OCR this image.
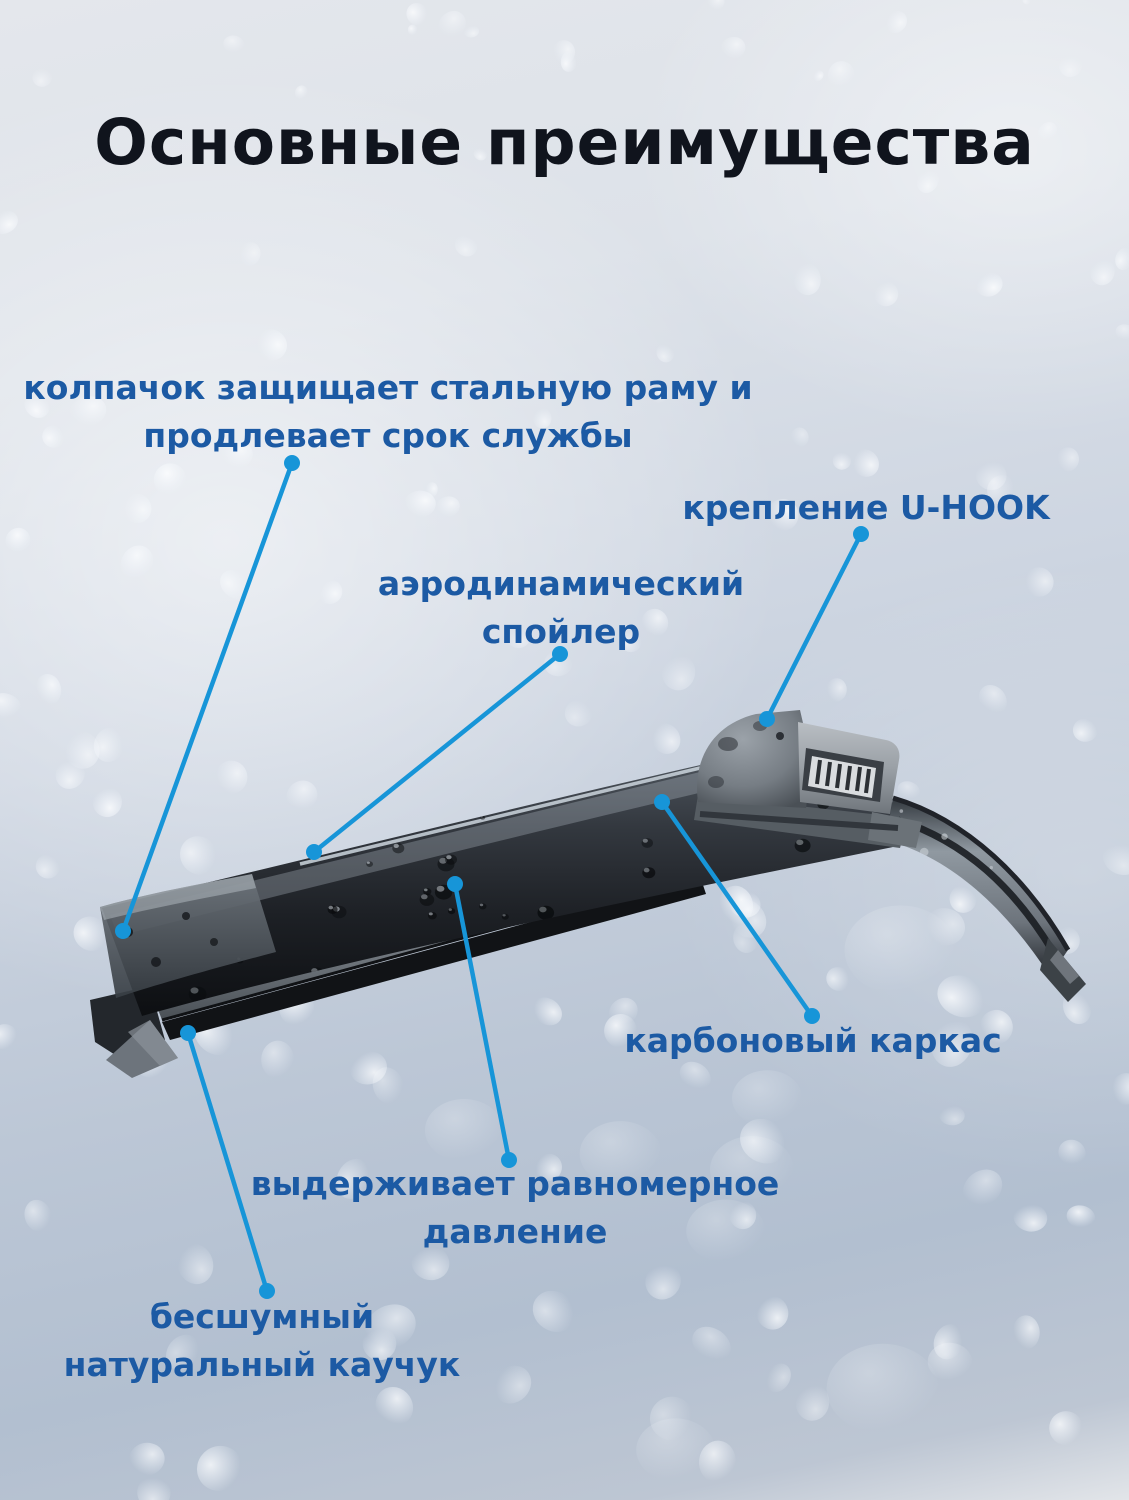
Основные преимущества
колпачок защищает стальную раму и
продлевает срок службы
крепление U-HOOK
аэродинамический
спойлер
карбоновый каркас
выдерживает равномерное
давление
бесшумный
натуральный каучук
